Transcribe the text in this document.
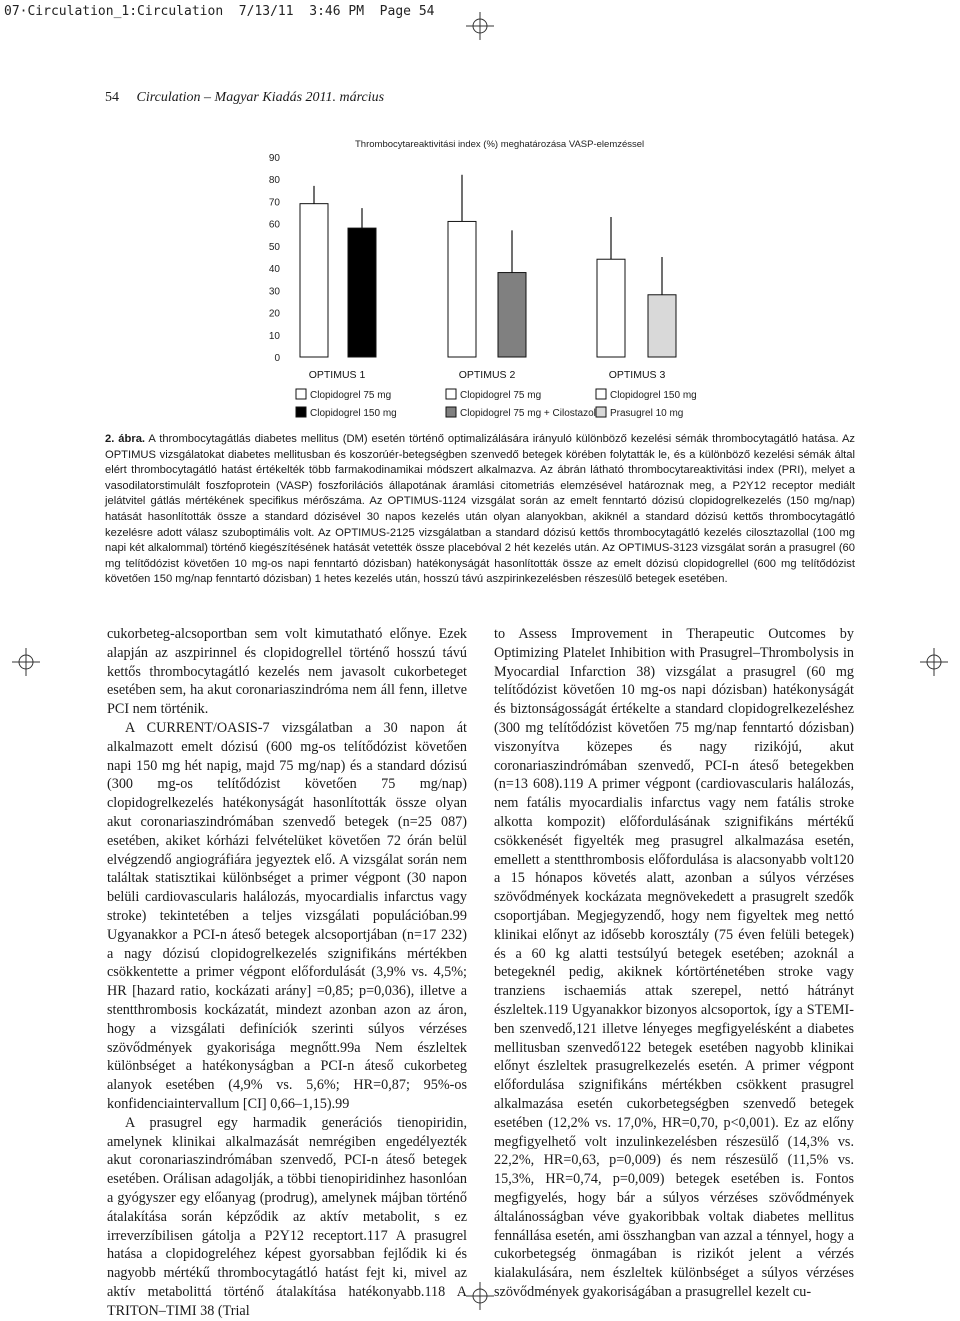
07·Circulation_1:Circulation  7/13/11  3:46 PM  Page 54
54 Circulation – Magyar Kiadás 2011. március
Thrombocytareaktivitási index (%) meghatározása VASP-elemzéssel
0
10
20
30
40
50
60
70
80
90
OPTIMUS 1	OPTIMUS 2	OPTIMUS 3
Clopidogrel 75 mg	Clopidogrel 75 mg	Clopidogrel 150 mg
Clopidogrel 150 mg	Clopidogrel 75 mg + Cilostazol Prasugrel 10 mg
2. ábra. A thrombocytagátlás diabetes mellitus (DM) esetén történő optimalizálására irányuló különböző kezelési sémák thrombocytagátló hatása. Az OPTIMUS vizsgálatokat diabetes mellitusban és koszorúér-betegségben szenvedő betegek körében folytatták le, és a különböző kezelési sémák által elért thrombocytagátló hatást értékelték több farmakodinamikai módszert alkalmazva. Az ábrán látható thrombocytareaktivitási index (PRI), melyet a vasodilatorstimulált foszfoprotein (VASP) foszforilációs állapotának áramlási citometriás elemzésével határoznak meg, a P2Y12 receptor mediált jelátvitel gátlás mértékének specifikus mérőszáma. Az OPTIMUS-1124 vizsgálat során az emelt fenntartó dózisú clopidogrelkezelés (150 mg/nap) hatását hasonlították össze a standard dózisével 30 napos kezelés után olyan alanyokban, akiknél a standard dózisú kettős thrombocytagátló kezelésre adott válasz szuboptimális volt. Az OPTIMUS-2125 vizsgálatban a standard dózisú kettős thrombocytagátló kezelés cilosztazollal (100 mg napi két alkalommal) történő kiegészítésének hatását vetették össze placebóval 2 hét kezelés után. Az OPTIMUS-3123 vizsgálat során a prasugrel (60 mg telítődózist követően 10 mg-os napi fenntartó dózisban) hatékonyságát hasonlították össze az emelt dózisú clopidogrellel (600 mg telítődózist követően 150 mg/nap fenntartó dózisban) 1 hetes kezelés után, hosszú távú aszpirinkezelésben részesülő betegek esetében.

cukorbeteg-alcsoportban sem volt kimutatható előnye. Ezek alapján az aszpirinnel és clopidogrellel történő hosszú távú kettős thrombocytagátló kezelés nem javasolt cukorbeteget esetében sem, ha akut coronariaszindróma nem áll fenn, illetve PCI nem történik.

A CURRENT/OASIS-7 vizsgálatban a 30 napon át alkalmazott emelt dózisú (600 mg-os telítődózist követően napi 150 mg hét napig, majd 75 mg/nap) és a standard dózisú (300 mg-os telítődózist követően 75 mg/nap) clopidogrelkezelés hatékonyságát hasonlították össze olyan akut coronariaszindrómában szenvedő betegek (n=25 087) esetében, akiket kórházi felvételüket követően 72 órán belül elvégzendő angiográfiára jegyeztek elő. A vizsgálat során nem találtak statisztikai különbséget a primer végpont (30 napon belüli cardiovascularis halálozás, myocardialis infarctus vagy stroke) tekintetében a teljes vizsgálati populációban.99 Ugyanakkor a PCI-n áteső betegek alcsoportjában (n=17 232) a nagy dózisú clopidogrelkezelés szignifikáns mértékben csökkentette a primer végpont előfordulását (3,9% vs. 4,5%; HR [hazard ratio, kockázati arány] =0,85; p=0,036), illetve a stentthrombosis kockázatát, mindezt azonban azon az áron, hogy a vizsgálati definíciók szerinti súlyos vérzéses szövődmények gyakorisága megnőtt.99a Nem észleltek különbséget a hatékonyságban a PCI-n áteső cukorbeteg alanyok esetében (4,9% vs. 5,6%; HR=0,87; 95%-os konfidenciaintervallum [CI] 0,66–1,15).99

A prasugrel egy harmadik generációs tienopiridin, amelynek klinikai alkalmazását nemrégiben engedélyezték akut coronariaszindrómában szenvedő, PCI-n áteső betegek esetében. Orálisan adagolják, a többi tienopiridinhez hasonlóan a gyógyszer egy előanyag (prodrug), amelynek májban történő átalakítása során képződik az aktív metabolit, s ez irreverzíbilisen gátolja a P2Y12 receptort.117 A prasugrel hatása a clopidogreléhez képest gyorsabban fejlődik ki és nagyobb mértékű thrombocytagátló hatást fejt ki, mivel az aktív metabolittá történő átalakítása hatékonyabb.118 A TRITON–TIMI 38 (Trial

to Assess Improvement in Therapeutic Outcomes by Optimizing Platelet Inhibition with Prasugrel–Thrombolysis in Myocardial Infarction 38) vizsgálat a prasugrel (60 mg telítődózist követően 10 mg-os napi dózisban) hatékonyságát és biztonságosságát értékelte a standard clopidogrelkezeléshez (300 mg telítődózist követően 75 mg/nap fenntartó dózisban) viszonyítva közepes és nagy rizikójú, akut coronariaszindrómában szenvedő, PCI-n áteső betegekben (n=13 608).119 A primer végpont (cardiovascularis halálozás, nem fatális myocardialis infarctus vagy nem fatális stroke alkotta kompozit) előfordulásának szignifikáns mértékű csökkenését figyelték meg prasugrel alkalmazása esetén, emellett a stentthrombosis előfordulása is alacsonyabb volt120 a 15 hónapos követés alatt, azonban a súlyos vérzéses szövődmények kockázata megnövekedett a prasugrelt szedők csoportjában. Megjegyzendő, hogy nem figyeltek meg nettó klinikai előnyt az idősebb korosztály (75 éven felüli betegek) és a 60 kg alatti testsúlyú betegek esetében; azoknál a betegeknél pedig, akiknek kórtörténetében stroke vagy tranziens ischaemiás attak szerepel, nettó hátrányt észleltek.119 Ugyanakkor bizonyos alcsoportok, így a STEMI-ben szenvedő,121 illetve lényeges megfigyelésként a diabetes mellitusban szenvedő122 betegek esetében nagyobb klinikai előnyt észleltek prasugrelkezelés esetén. A primer végpont előfordulása szignifikáns mértékben csökkent prasugrel alkalmazása esetén cukorbetegségben szenvedő betegek esetében (12,2% vs. 17,0%, HR=0,70, p<0,001). Ez az előny megfigyelhető volt inzulinkezelésben részesülő (14,3% vs. 22,2%, HR=0,63, p=0,009) és nem részesülő (11,5% vs. 15,3%, HR=0,74, p=0,009) betegek esetében is. Fontos megfigyelés, hogy bár a súlyos vérzéses szövődmények általánosságban véve gyakoribbak voltak diabetes mellitus fennállása esetén, ami összhangban van azzal a ténnyel, hogy a cukorbetegség önmagában is rizikót jelent a vérzés kialakulására, nem észleltek különbséget a súlyos vérzéses szövődmények gyakoriságában a prasugrellel kezelt cu-
